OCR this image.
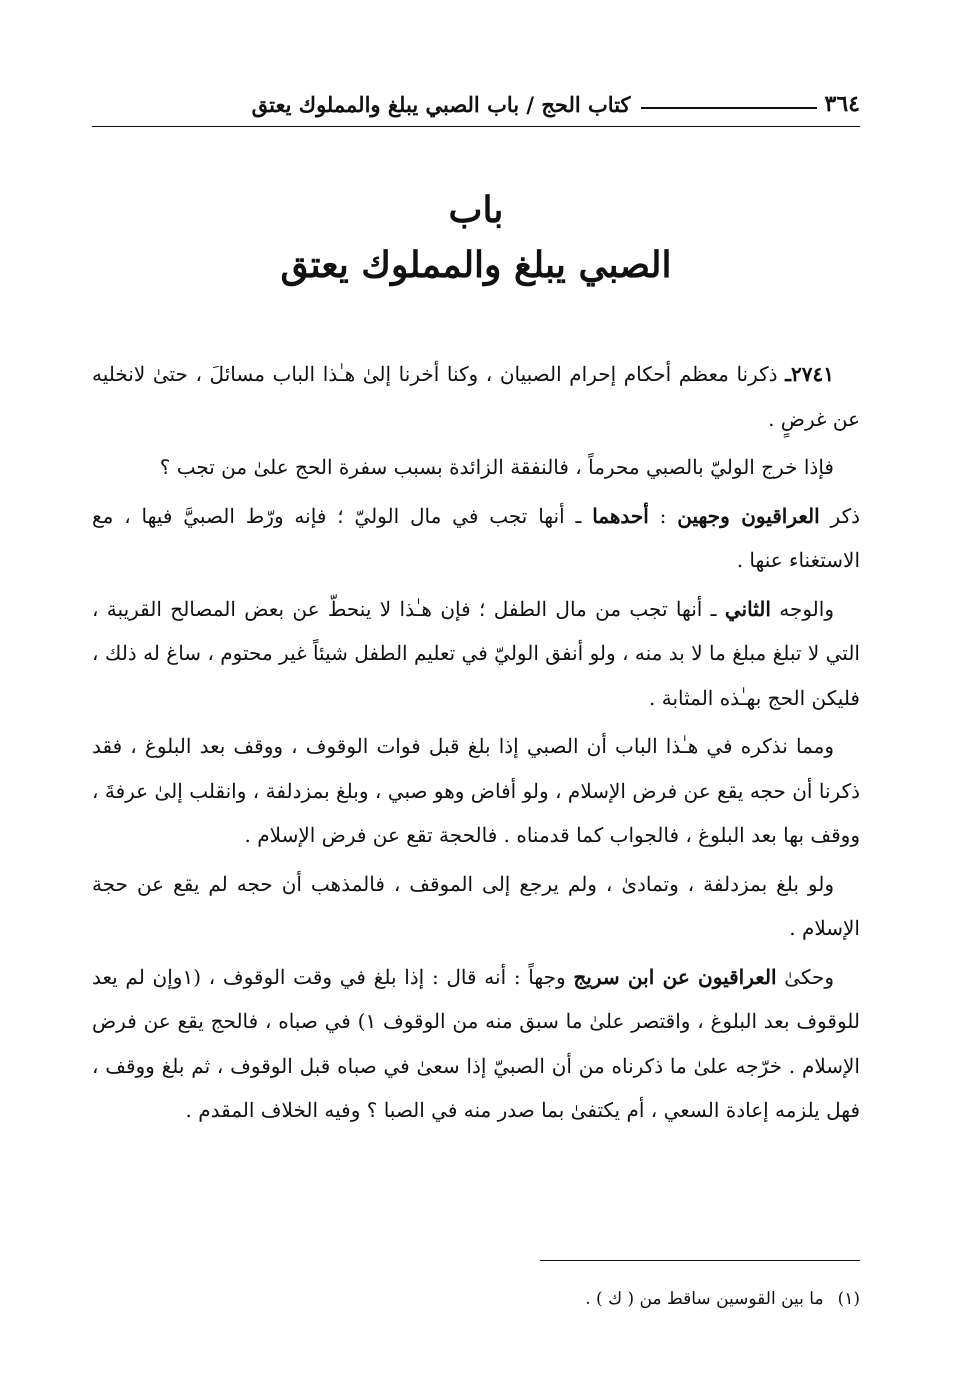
٣٦٤
كتاب الحج / باب الصبي يبلغ والمملوك يعتق
باب
الصبي يبلغ والمملوك يعتق

٢٧٤١ـ ذكرنا معظم أحكام إحرام الصبيان ، وكنا أخرنا إلىٰ هـٰذا الباب مسائلَ ، حتىٰ لانخليه عن غرضٍ .

فإذا خرج الوليّ بالصبي محرماً ، فالنفقة الزائدة بسبب سفرة الحج علىٰ من تجب ؟

ذكر العراقيون وجهين : أحدهما ـ أنها تجب في مال الوليّ ؛ فإنه ورّط الصبيَّ فيها ، مع الاستغناء عنها .

والوجه الثاني ـ أنها تجب من مال الطفل ؛ فإن هـٰذا لا ينحطّ عن بعض المصالح القريبة ، التي لا تبلغ مبلغ ما لا بد منه ، ولو أنفق الوليّ في تعليم الطفل شيئاً غير محتوم ، ساغ له ذلك ، فليكن الحج بهـٰذه المثابة .

ومما نذكره في هـٰذا الباب أن الصبي إذا بلغ قبل فوات الوقوف ، ووقف بعد البلوغ ، فقد ذكرنا أن حجه يقع عن فرض الإسلام ، ولو أفاض وهو صبي ، وبلغ بمزدلفة ، وانقلب إلىٰ عرفةَ ، ووقف بها بعد البلوغ ، فالجواب كما قدمناه . فالحجة تقع عن فرض الإسلام .

ولو بلغ بمزدلفة ، وتمادىٰ ، ولم يرجع إلى الموقف ، فالمذهب أن حجه لم يقع عن حجة الإسلام .

وحكىٰ العراقيون عن ابن سريج وجهاً : أنه قال : إذا بلغ في وقت الوقوف ، (١وإن لم يعد للوقوف بعد البلوغ ، واقتصر علىٰ ما سبق منه من الوقوف ١) في صباه ، فالحج يقع عن فرض الإسلام . خرّجه علىٰ ما ذكرناه من أن الصبيّ إذا سعىٰ في صباه قبل الوقوف ، ثم بلغ ووقف ، فهل يلزمه إعادة السعي ، أم يكتفىٰ بما صدر منه في الصبا ؟ وفيه الخلاف المقدم .

(١)ما بين القوسين ساقط من ( ك ) .
